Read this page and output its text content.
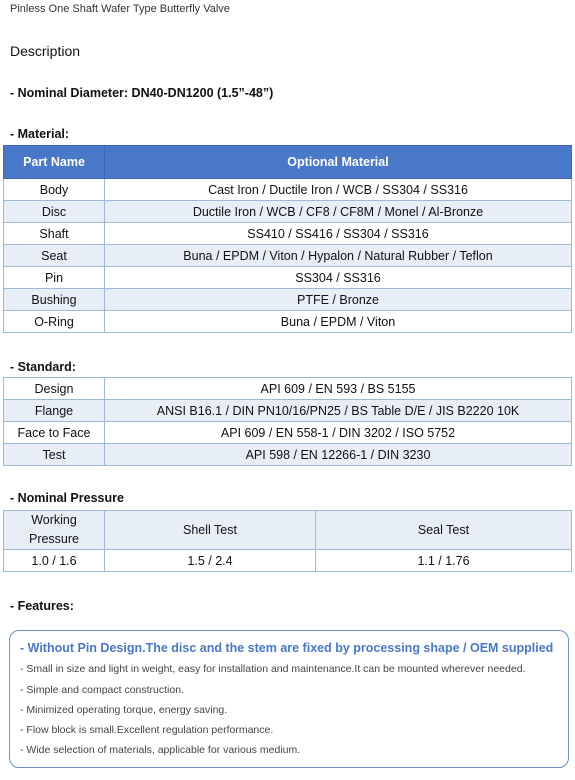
Pinless One Shaft Wafer Type Butterfly Valve
Description
- Nominal Diameter: DN40-DN1200 (1.5”-48”)
- Material:
Part Name	Optional Material
Body	Cast Iron / Ductile Iron / WCB / SS304 / SS316
Disc	Ductile Iron / WCB / CF8 / CF8M / Monel / Al-Bronze
Shaft	SS410 / SS416 / SS304 / SS316
Seat	Buna / EPDM / Viton / Hypalon / Natural Rubber / Teflon
Pin	SS304 / SS316
Bushing	PTFE / Bronze
O-Ring	Buna / EPDM / Viton
- Standard:
Design	API 609 / EN 593 / BS 5155
Flange	ANSI B16.1 / DIN PN10/16/PN25 / BS Table D/E / JIS B2220 10K
Face to Face	API 609 / EN 558-1 / DIN 3202 / ISO 5752
Test	API 598 / EN 12266-1 / DIN 3230
- Nominal Pressure
Working
Pressure	Shell Test	Seal Test
1.0 / 1.6	1.5 / 2.4	1.1 / 1.76
- Features:
- Without Pin Design.The disc and the stem are fixed by processing shape / OEM supplied
- Small in size and light in weight, easy for installation and maintenance.It can be mounted wherever needed.
- Simple and compact construction.
- Minimized operating torque, energy saving.
- Flow block is small.Excellent regulation performance.
- Wide selection of materials, applicable for various medium.
